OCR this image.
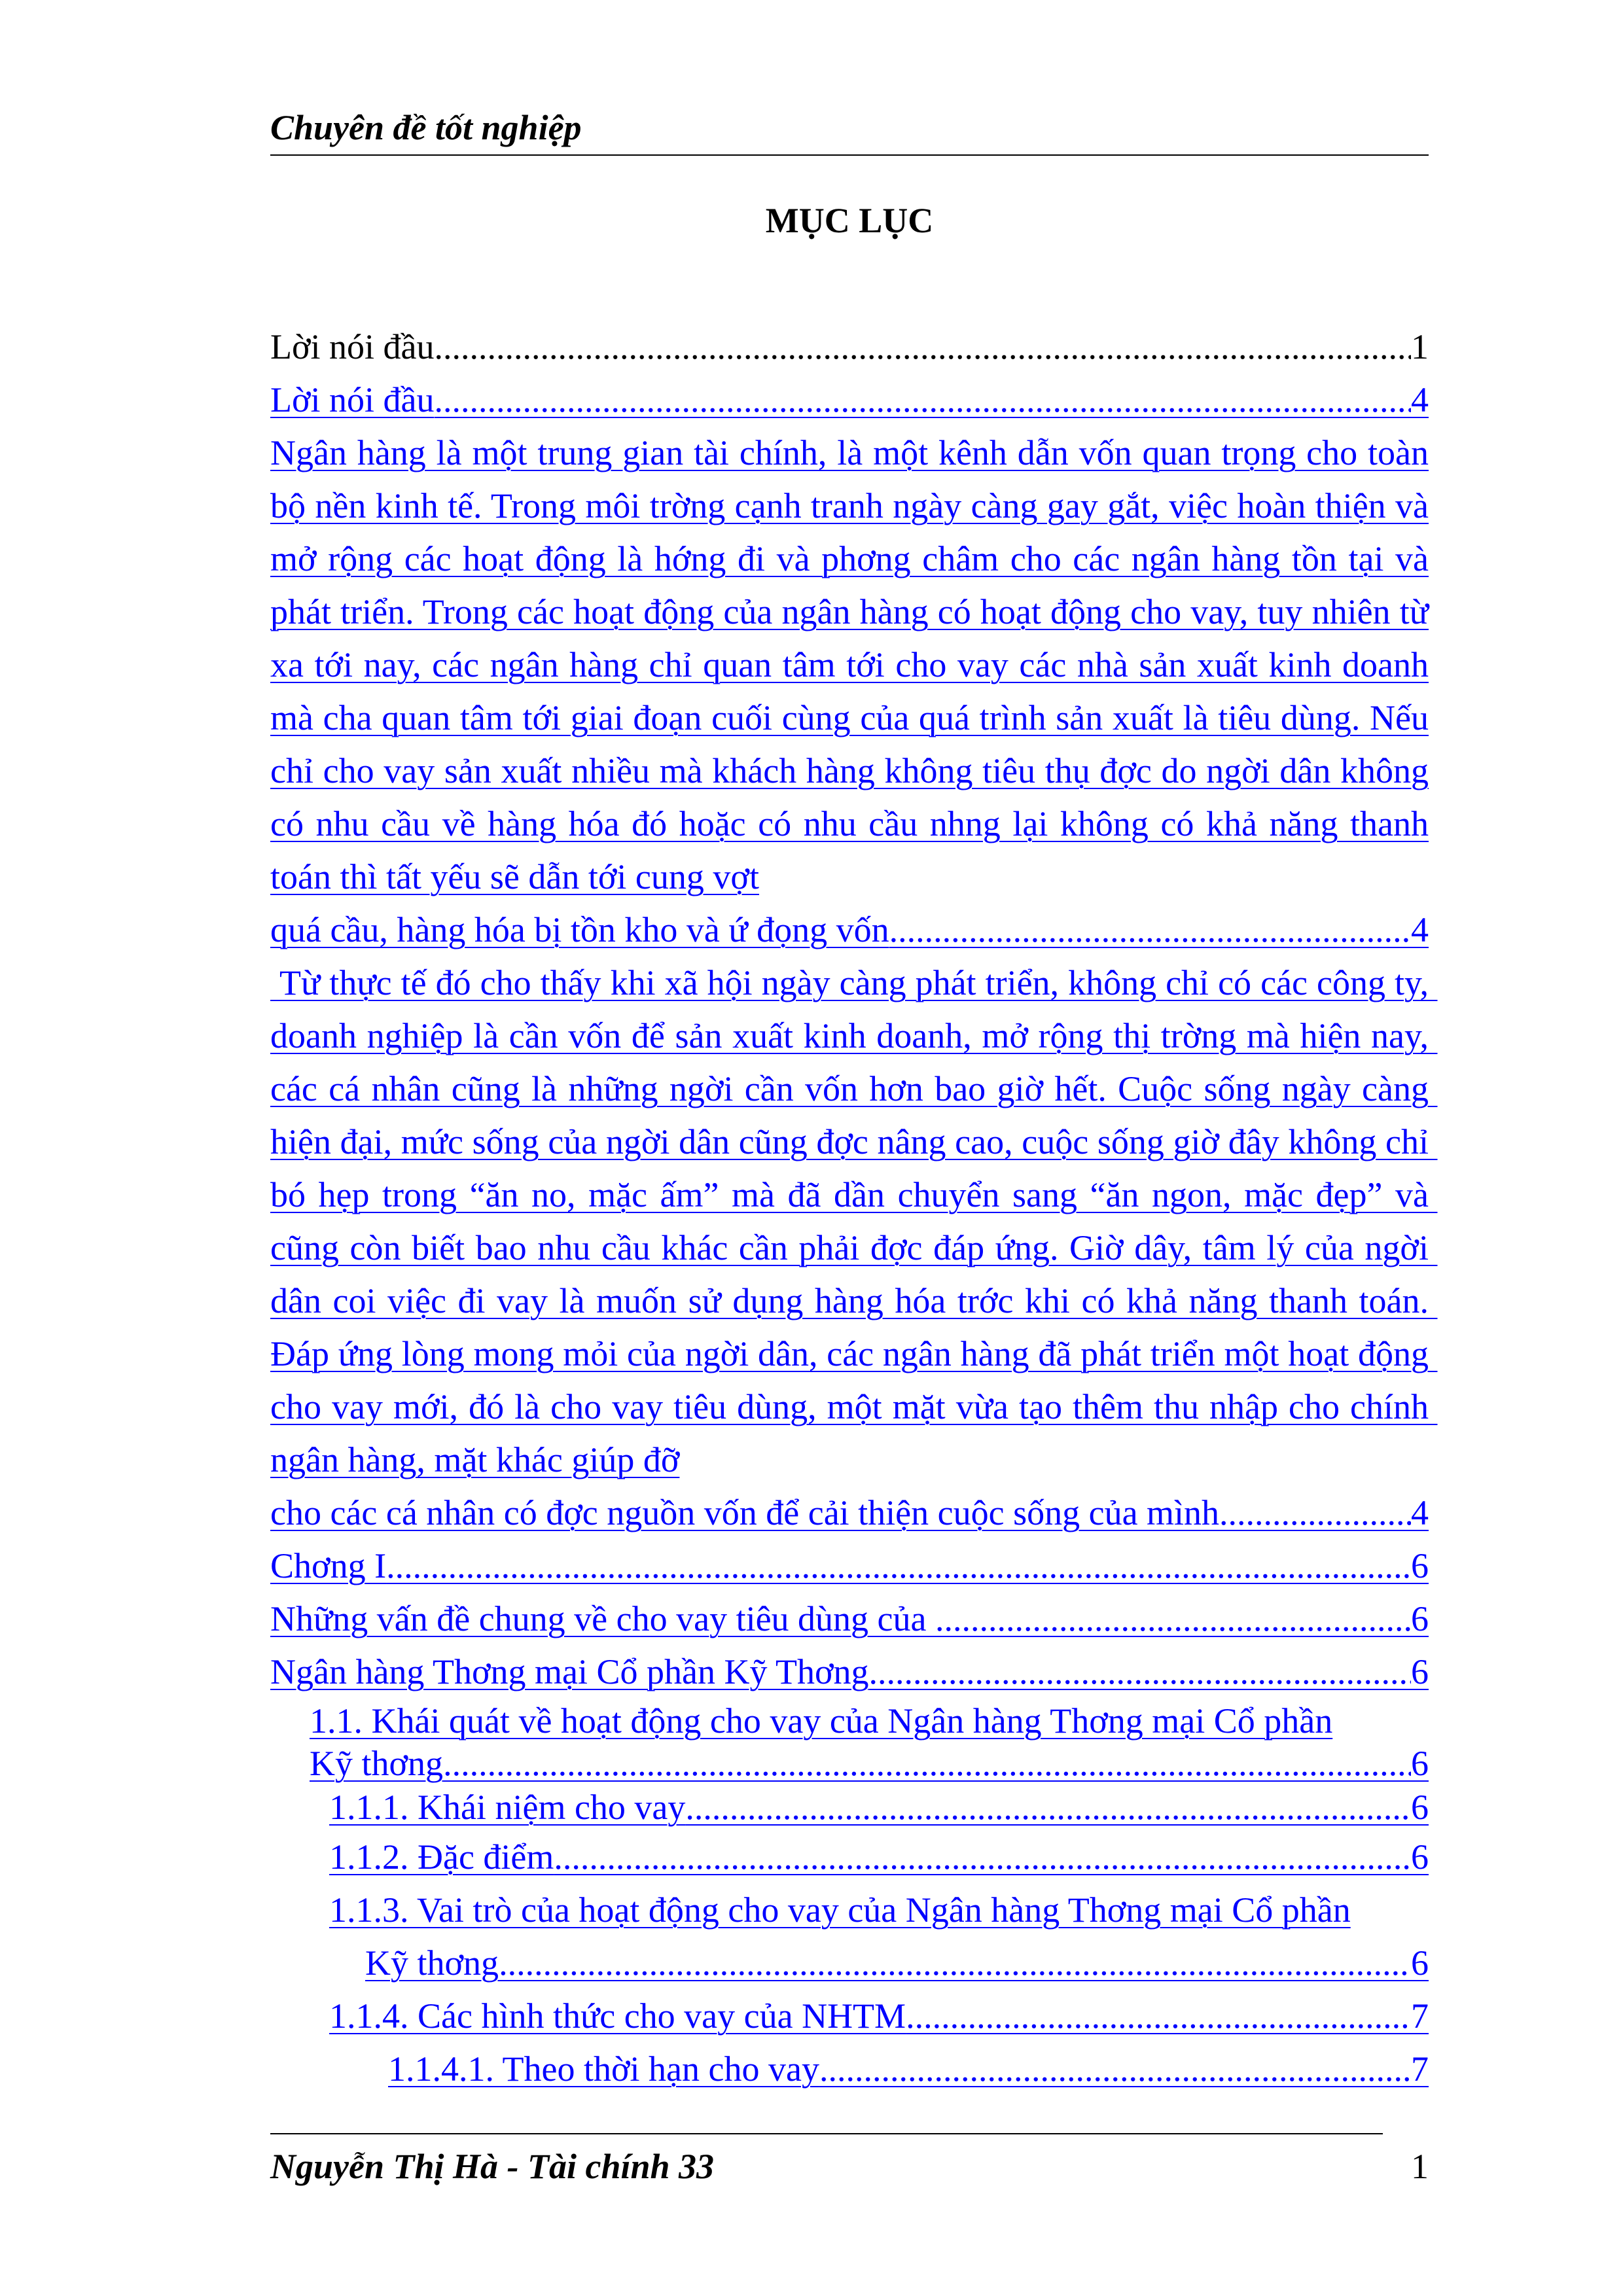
Chuyên đề tốt nghiệp
MỤC LỤC
Lời nói đầu .....	1
Lời nói đầu .....	4
Ngân hàng là một trung gian tài chính, là một kênh dẫn vốn quan trọng cho toàn bộ nền kinh tế. Trong môi trờng cạnh tranh ngày càng gay gắt, việc hoàn thiện và mở rộng các hoạt động là hớng đi và phơng châm cho các ngân hàng tồn tại và phát triển. Trong các hoạt động của ngân hàng có hoạt động cho vay, tuy nhiên từ xa tới nay, các ngân hàng chỉ quan tâm tới cho vay các nhà sản xuất kinh doanh mà cha quan tâm tới giai đoạn cuối cùng của quá trình sản xuất là tiêu dùng. Nếu chỉ cho vay sản xuất nhiều mà khách hàng không tiêu thụ đợc do ngời dân không có nhu cầu về hàng hóa đó hoặc có nhu cầu nhng lại không có khả năng thanh toán thì tất yếu sẽ dẫn tới cung vợt
quá cầu, hàng hóa bị tồn kho và ứ đọng vốn .....	4
Từ thực tế đó cho thấy khi xã hội ngày càng phát triển, không chỉ có các công ty, doanh nghiệp là cần vốn để sản xuất kinh doanh, mở rộng thị trờng mà hiện nay, các cá nhân cũng là những ngời cần vốn hơn bao giờ hết. Cuộc sống ngày càng hiện đại, mức sống của ngời dân cũng đợc nâng cao, cuộc sống giờ đây không chỉ bó hẹp trong “ăn no, mặc ấm” mà đã dần chuyển sang “ăn ngon, mặc đẹp” và cũng còn biết bao nhu cầu khác cần phải đợc đáp ứng. Giờ dây, tâm lý của ngời dân coi việc đi vay là muốn sử dụng hàng hóa trớc khi có khả năng thanh toán. Đáp ứng lòng mong mỏi của ngời dân, các ngân hàng đã phát triển một hoạt động cho vay mới, đó là cho vay tiêu dùng, một mặt vừa tạo thêm thu nhập cho chính ngân hàng, mặt khác giúp đỡ
cho các cá nhân có đợc nguồn vốn để cải thiện cuộc sống của mình .....	4
Chơng I .....	6
Những vấn đề chung về cho vay tiêu dùng của .....	6
Ngân hàng Thơng mại Cổ phần Kỹ Thơng .....	6
1.1. Khái quát về hoạt động cho vay của Ngân hàng Thơng mại Cổ phần
Kỹ thơng .....	6
1.1.1. Khái niệm cho vay .....	6
1.1.2. Đặc điểm .....	6
1.1.3. Vai trò của hoạt động cho vay của Ngân hàng Thơng mại Cổ phần
Kỹ thơng .....	6
1.1.4. Các hình thức cho vay của NHTM .....	7
1.1.4.1. Theo thời hạn cho vay .....	7
Nguyễn Thị Hà - Tài chính 33	1
